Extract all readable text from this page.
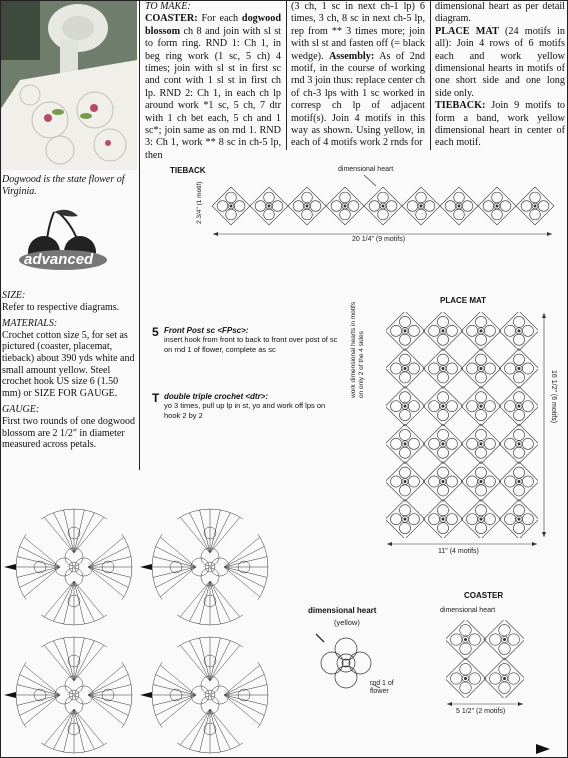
Dogwood is the state flower of Virginia.
advanced
SIZE:
Refer to respective diagrams.
MATERIALS:
Crochet cotton size 5, for set as pictured (coaster, placemat, tieback) about 390 yds white and small amount yellow. Steel crochet hook US size 6 (1.50 mm) or SIZE FOR GAUGE.
GAUGE:
First two rounds of one dogwood blossom are 2 1/2" in diameter measured across petals.
TO MAKE:
COASTER: For each dogwood blossom ch 8 and join with sl st to form ring. RND 1: Ch 1, in beg ring work (1 sc, 5 ch) 4 times; join with sl st in first sc and cont with 1 sl st in first ch lp. RND 2: Ch 1, in each ch lp around work *1 sc, 5 ch, 7 dtr with 1 ch bet each, 5 ch and 1 sc*; join same as on rnd 1. RND 3: Ch 1, work ** 8 sc in ch-5 lp, then
(3 ch, 1 sc in next ch-1 lp) 6 times, 3 ch, 8 sc in next ch-5 lp, rep from ** 3 times more; join with sl st and fasten off (= black wedge). Assembly: As of 2nd motif, in the course of working rnd 3 join thus: replace center ch of ch-3 lps with 1 sc worked in corresp ch lp of adjacent motif(s). Join 4 motifs in this way as shown. Using yellow, in each of 4 motifs work 2 rnds for
dimensional heart as per detail diagram.
PLACE MAT (24 motifs in all): Join 4 rows of 6 motifs each and work yellow dimensional hearts in motifs of one short side and one long side only.
TIEBACK: Join 9 motifs to form a band, work yellow dimensional heart in center of each motif.
5 Front Post sc <FPsc>:
insert hook from front to back to front over post of sc on rnd 1 of flower, complete as sc
T double triple crochet <dtr>:
yo 3 times, pull up lp in st, yo and work off lps on hook 2 by 2
TIEBACK	dimensional heart
2 3/4" (1 motif)
20 1/4" (9 motifs)
PLACE MAT
work dimensional hearts in motifs on only 2 of the 4 sides	16 1/2" (6 motifs)
11" (4 motifs)
dimensional heart
(yellow)
rnd 1 of flower
COASTER
dimensional heart
5 1/2" (2 motifs)
